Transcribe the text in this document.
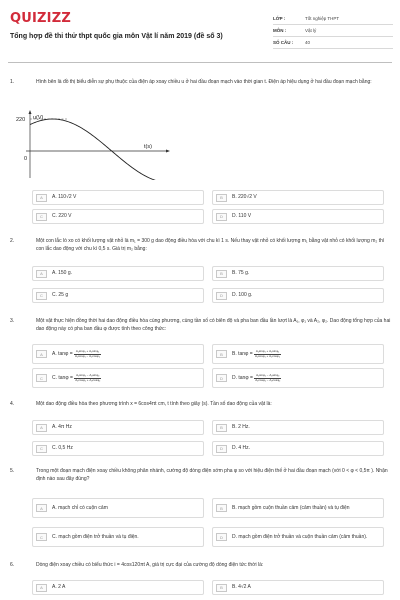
QUIZIZZ
Tổng hợp đề thi thử thpt quốc gia môn Vật lí năm 2019 (đề số 3)
LỚP :	Tốt nghiệp THPT
MÔN :	Vật lý
SỐ CÂU :	40
1.	Hình bên là đồ thị biểu diễn sự phụ thuộc của điện áp xoay chiều u ở hai đầu đoạn mạch vào thời gian t. Điện áp hiệu dụng ở hai đầu đoạn mạch bằng:
u(V)
t(s)
220
0
A	A. 110√2 V	B	B. 220√2 V
C	C. 220 V	D	D. 110 V
2.	Một con lắc lò xo có khối lượng vật nhỏ là m₁ = 300 g dao động điều hòa với chu kì 1 s. Nếu thay vật nhỏ có khối lượng m₁ bằng vật nhỏ có khối lượng m₂ thì con lắc dao động với chu kì 0,5 s. Giá trị m₂ bằng:
A	A. 150 g.	B	B. 75 g.
C	C. 25 g	D	D. 100 g.
3.	Một vật thực hiện đồng thời hai dao động điều hòa cùng phương, cùng tần số có biên độ và pha ban đầu lần lượt là A₁, φ₁ và A₂, φ₂. Dao động tổng hợp của hai dao động này có pha ban đầu φ được tính theo công thức:
A	A. tanφ =
$\frac{\text{A₁sinφ₁ + A₂sinφ₂}}{\text{A₁cosφ₁ − A₂cosφ₂}}$	B	B. tanφ =
$\frac{\text{A₁sinφ₁ + A₂sinφ₂}}{\text{A₁cosφ₁ + A₂cosφ₂}}$
C	C. tanφ =
$\frac{\text{A₁sinφ₁ − A₂sinφ₂}}{\text{A₁cosφ₁ + A₂cosφ₂}}$	D	D. tanφ =
$\frac{\text{A₁sinφ₁ − A₂sinφ₂}}{\text{A₁cosφ₁ − A₂cosφ₂}}$
4.	Một dao động điều hòa theo phương trình x = 6cos4πt cm, t tính theo giây (s). Tần số dao động của vật là:
A	A. 4π Hz	B	B. 2 Hz.
C	C. 0,5 Hz	D	D. 4 Hz.
5.	Trong một đoạn mạch điện xoay chiều không phân nhánh, cường độ dòng điện sớm pha φ so với hiệu điện thế ở hai đầu đoạn mạch (với 0 < φ < 0,5π ). Nhận định nào sau đây đúng?
A	A. mạch chỉ có cuộn cảm	B	B. mạch gồm cuộn thuần cảm (cảm thuần) và tụ điện
C	C. mạch gồm điện trở thuần và tụ điện.	D	D. mạch gồm điện trở thuần và cuộn thuần cảm (cảm thuần).
6.	Dòng điện xoay chiều có biểu thức i = 4cos120πt A, giá trị cực đại của cường độ dòng điện tức thời là:
A	A. 2 A	B	B. 4√2 A
